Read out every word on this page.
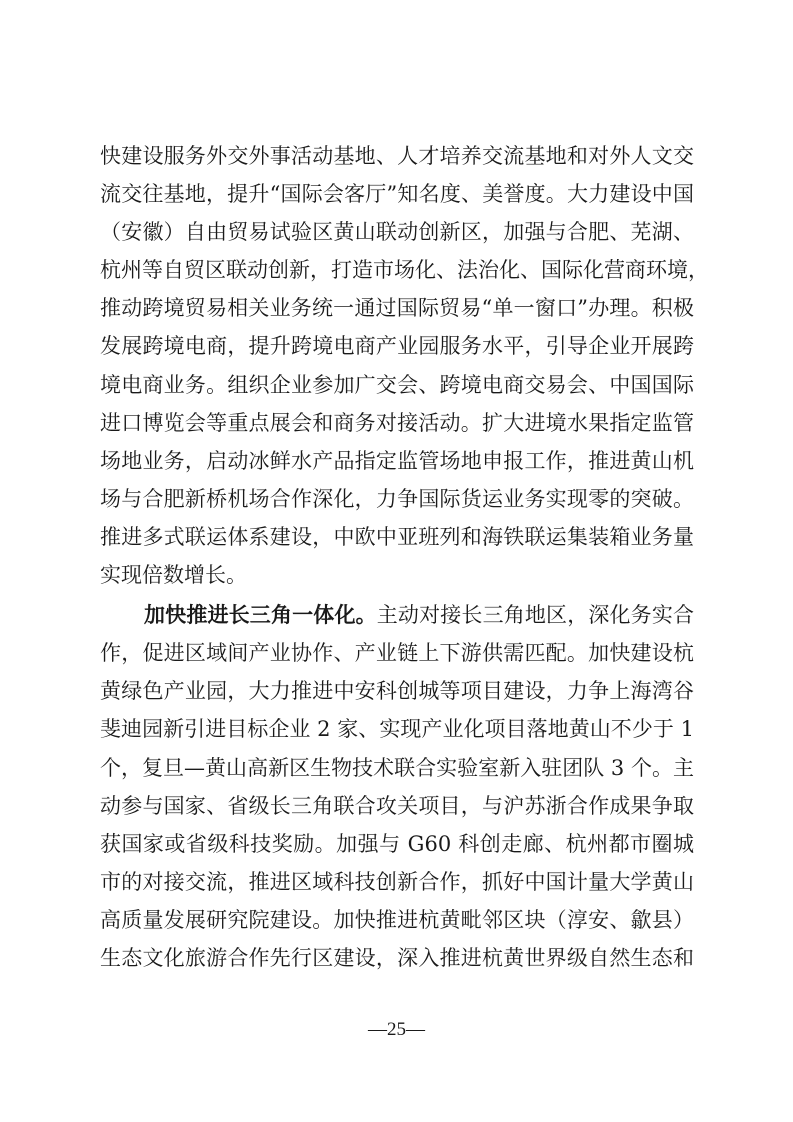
快建设服务外交外事活动基地、人才培养交流基地和对外人文交
流交往基地，提升“国际会客厅”知名度、美誉度。大力建设中国
（安徽）自由贸易试验区黄山联动创新区，加强与合肥、芜湖、
杭州等自贸区联动创新，打造市场化、法治化、国际化营商环境，
推动跨境贸易相关业务统一通过国际贸易“单一窗口”办理。积极
发展跨境电商，提升跨境电商产业园服务水平，引导企业开展跨
境电商业务。组织企业参加广交会、跨境电商交易会、中国国际
进口博览会等重点展会和商务对接活动。扩大进境水果指定监管
场地业务，启动冰鲜水产品指定监管场地申报工作，推进黄山机
场与合肥新桥机场合作深化，力争国际货运业务实现零的突破。
推进多式联运体系建设，中欧中亚班列和海铁联运集装箱业务量
实现倍数增长。
加快推进长三角一体化。主动对接长三角地区，深化务实合
作，促进区域间产业协作、产业链上下游供需匹配。加快建设杭
黄绿色产业园，大力推进中安科创城等项目建设，力争上海湾谷
斐迪园新引进目标企业 2 家、实现产业化项目落地黄山不少于 1
个，复旦—黄山高新区生物技术联合实验室新入驻团队 3 个。主
动参与国家、省级长三角联合攻关项目，与沪苏浙合作成果争取
获国家或省级科技奖励。加强与 G60 科创走廊、杭州都市圈城
市的对接交流，推进区域科技创新合作，抓好中国计量大学黄山
高质量发展研究院建设。加快推进杭黄毗邻区块（淳安、歙县）
生态文化旅游合作先行区建设，深入推进杭黄世界级自然生态和
—25—
